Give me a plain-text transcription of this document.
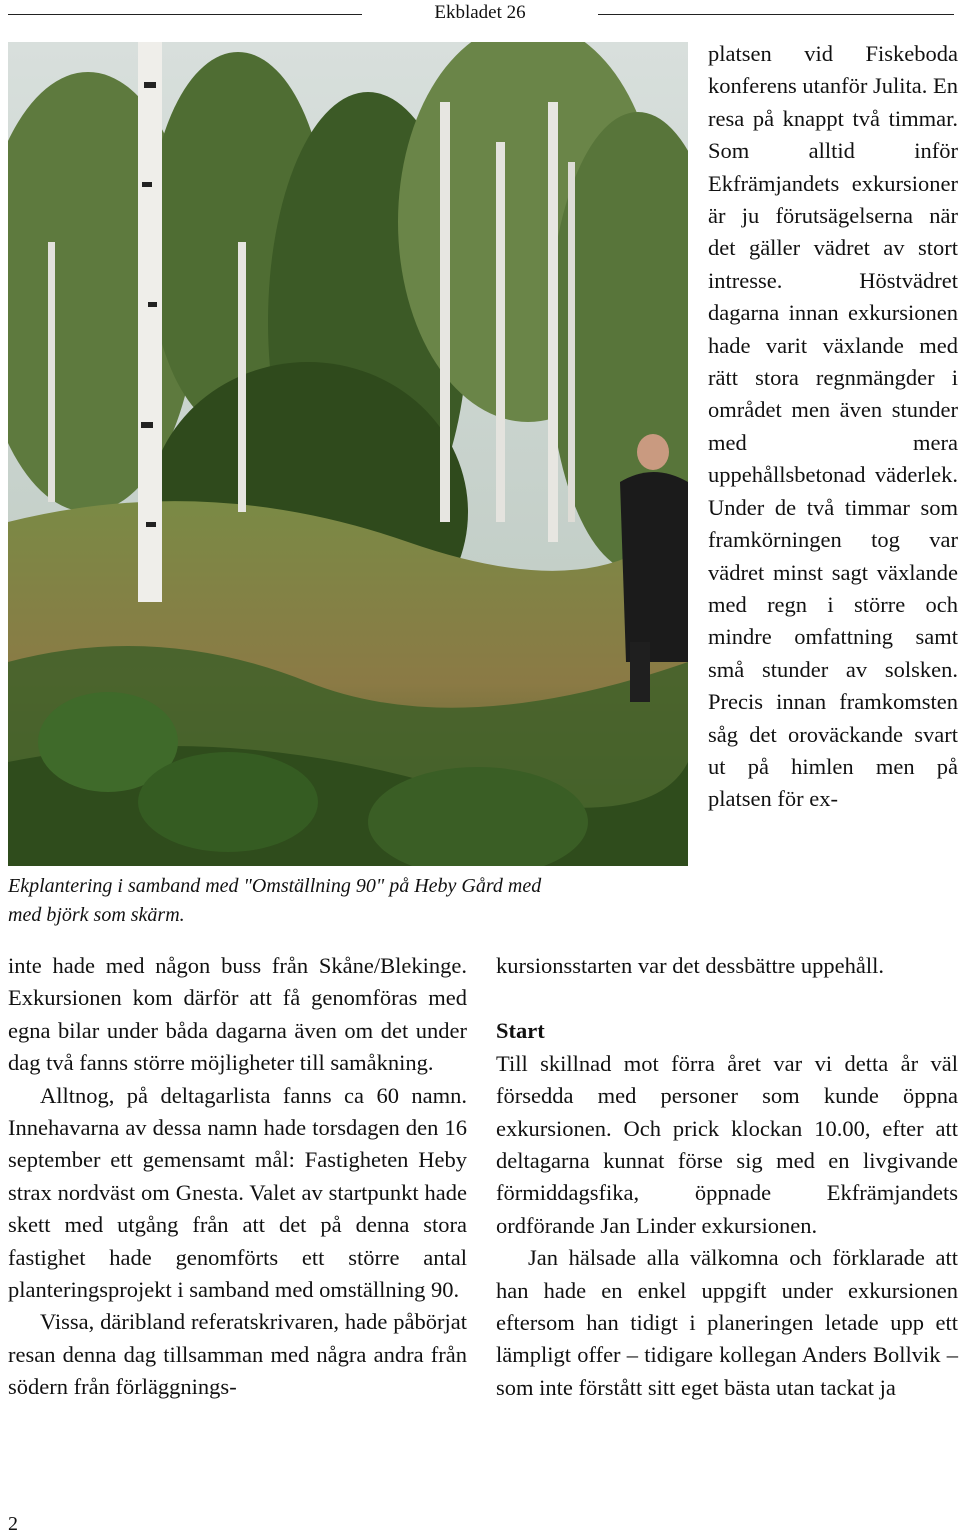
Ekbladet 26
Ekplantering i samband med "Omställning 90" på Heby Gård med
med björk som skärm.

platsen vid Fiskeboda konferens utanför Julita. En resa på knappt två timmar. Som alltid inför Ekfrämjandets exkursioner är ju förutsägelserna när det gäller vädret av stort intresse. Höstvädret dagarna innan exkursionen hade varit växlande med rätt stora regnmängder i området men även stunder med mera uppehållsbetonad väderlek. Under de två timmar som framkörningen tog var vädret minst sagt växlande med regn i större och mindre omfattning samt små stunder av solsken. Precis innan framkomsten såg det oroväckande svart ut på himlen men på platsen för ex-

inte hade med någon buss från Skåne/Blekinge. Exkursionen kom därför att få genomföras med egna bilar under båda dagarna även om det under dag två fanns större möjligheter till samåkning.

Alltnog, på deltagarlista fanns ca 60 namn. Innehavarna av dessa namn hade torsdagen den 16 september ett gemensamt mål: Fastigheten Heby strax nordväst om Gnesta. Valet av startpunkt hade skett med utgång från att det på denna stora fastighet hade genomförts ett större antal planteringsprojekt i samband med omställning 90.

Vissa, däribland referatskrivaren, hade påbörjat resan denna dag tillsamman med några andra från södern från förläggnings-

kursionsstarten var det dessbättre uppehåll.

Start

Till skillnad mot förra året var vi detta år väl försedda med personer som kunde öppna exkursionen. Och prick klockan 10.00, efter att deltagarna kunnat förse sig med en livgivande förmiddagsfika, öppnade Ekfrämjandets ordförande Jan Linder exkursionen.

Jan hälsade alla välkomna och förklarade att han hade en enkel uppgift under exkursionen eftersom han tidigt i planeringen letade upp ett lämpligt offer – tidigare kollegan Anders Bollvik – som inte förstått sitt eget bästa utan tackat ja

2
